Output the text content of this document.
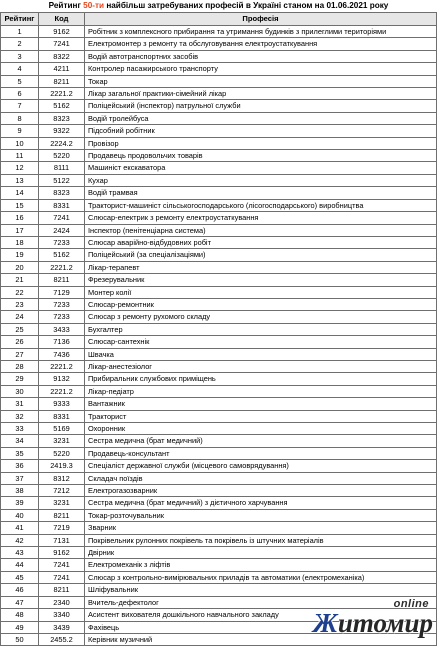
Рейтинг 50-ти найбільш затребуваних професій в Україні станом на 01.06.2021 року
Рейтинг	Код	Професія
1	9162	Робітник з комплексного прибирання та утримання будинків з прилеглими територіями
2	7241	Електромонтер з ремонту та обслуговування електроустаткування
3	8322	Водій автотранспортних засобів
4	4211	Контролер пасажирського транспорту
5	8211	Токар
6	2221.2	Лікар загальної практики-сімейний лікар
7	5162	Поліцейський (інспектор) патрульної служби
8	8323	Водій тролейбуса
9	9322	Підсобний робітник
10	2224.2	Провізор
11	5220	Продавець продовольчих товарів
12	8111	Машиніст екскаватора
13	5122	Кухар
14	8323	Водій трамвая
15	8331	Тракторист-машиніст сільськогосподарського (лісогосподарського) виробництва
16	7241	Слюсар-електрик з ремонту електроустаткування
17	2424	Інспектор (пенітенціарна система)
18	7233	Слюсар аварійно-відбудовних робіт
19	5162	Поліцейський (за спеціалізаціями)
20	2221.2	Лікар-терапевт
21	8211	Фрезерувальник
22	7129	Монтер колії
23	7233	Слюсар-ремонтник
24	7233	Слюсар з ремонту рухомого складу
25	3433	Бухгалтер
26	7136	Слюсар-сантехнік
27	7436	Швачка
28	2221.2	Лікар-анестезіолог
29	9132	Прибиральник службових приміщень
30	2221.2	Лікар-педіатр
31	9333	Вантажник
32	8331	Тракторист
33	5169	Охоронник
34	3231	Сестра медична (брат медичний)
35	5220	Продавець-консультант
36	2419.3	Спеціаліст державної служби (місцевого самоврядування)
37	8312	Складач поїздів
38	7212	Електрогазозварник
39	3231	Сестра медична (брат медичний) з дієтичного харчування
40	8211	Токар-розточувальник
41	7219	Зварник
42	7131	Покрівельник рулонних покрівель та покрівель із штучних матеріалів
43	9162	Двірник
44	7241	Електромеханік з ліфтів
45	7241	Слюсар з контрольно-вимірювальних приладів та автоматики (електромеханіка)
46	8211	Шліфувальник
47	2340	Вчитель-дефектолог
48	3340	Асистент вихователя дошкільного навчального закладу
49	3439	Фахівець
50	2455.2	Керівник музичний
online
Житомир
